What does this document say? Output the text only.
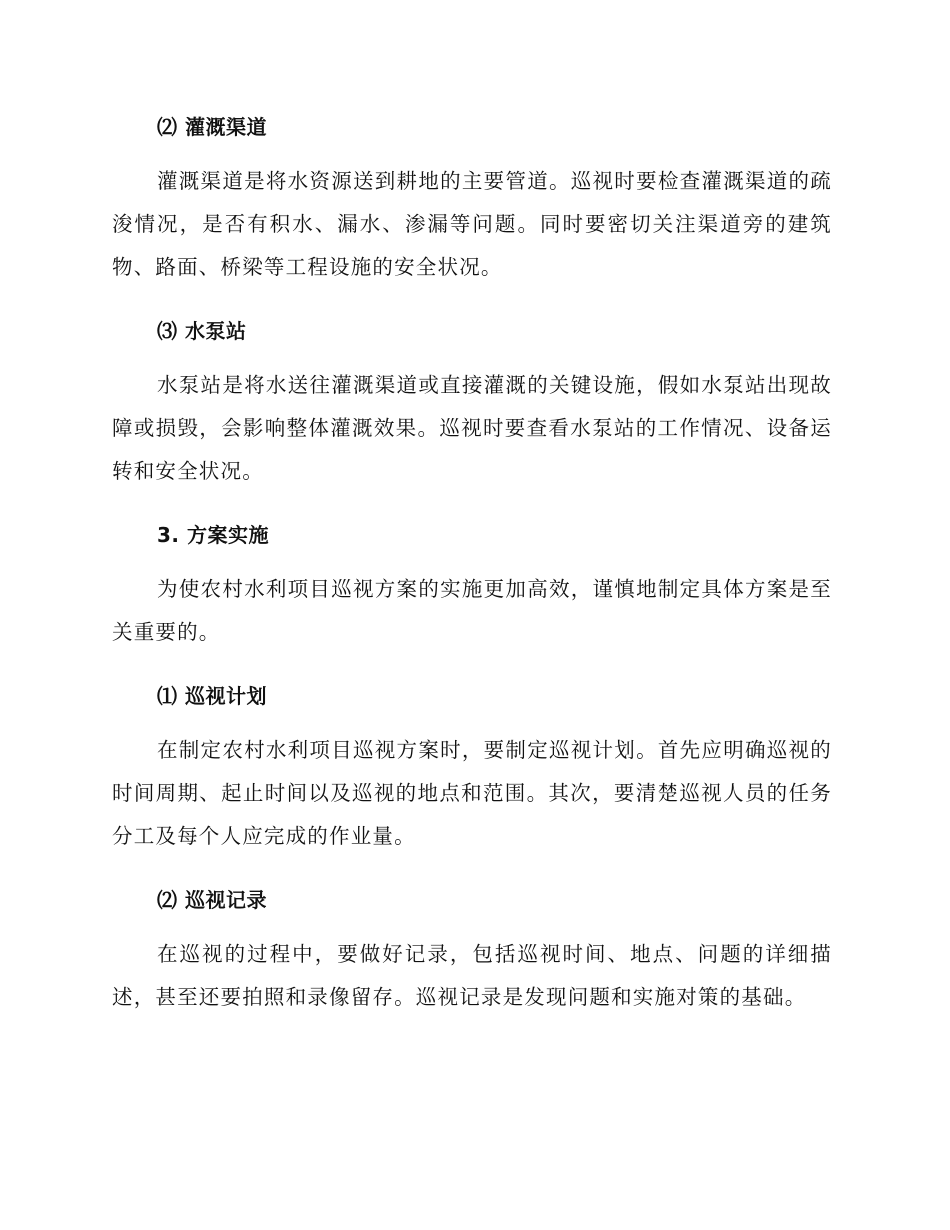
⑵ 灌溉渠道

灌溉渠道是将水资源送到耕地的主要管道。巡视时要检查灌溉渠道的疏浚情况，是否有积水、漏水、渗漏等问题。同时要密切关注渠道旁的建筑物、路面、桥梁等工程设施的安全状况。

⑶ 水泵站

水泵站是将水送往灌溉渠道或直接灌溉的关键设施，假如水泵站出现故障或损毁，会影响整体灌溉效果。巡视时要查看水泵站的工作情况、设备运转和安全状况。

3. 方案实施

为使农村水利项目巡视方案的实施更加高效，谨慎地制定具体方案是至关重要的。

⑴ 巡视计划

在制定农村水利项目巡视方案时，要制定巡视计划。首先应明确巡视的时间周期、起止时间以及巡视的地点和范围。其次，要清楚巡视人员的任务分工及每个人应完成的作业量。

⑵ 巡视记录

在巡视的过程中，要做好记录，包括巡视时间、地点、问题的详细描述，甚至还要拍照和录像留存。巡视记录是发现问题和实施对策的基础。
